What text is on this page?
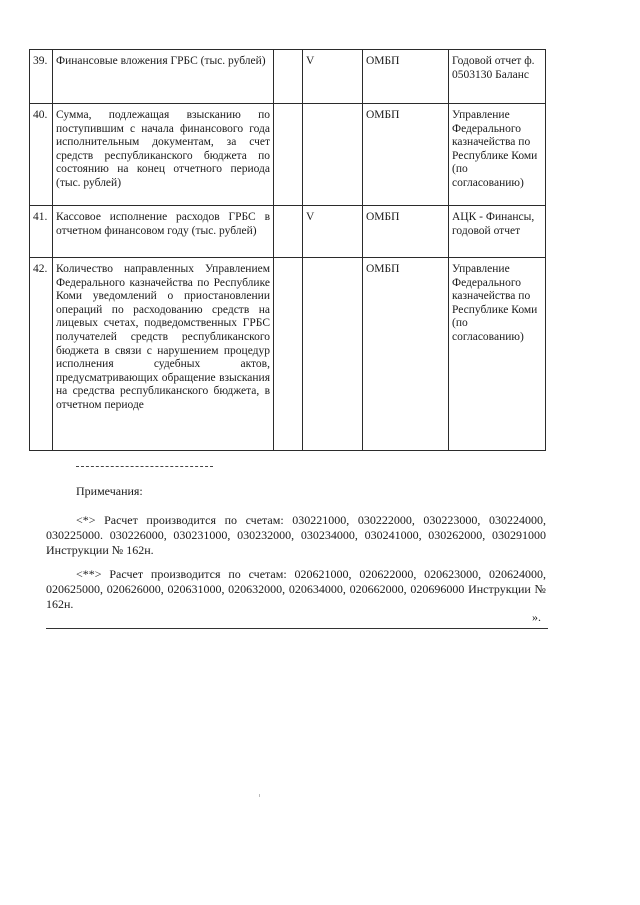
39.	Финансовые вложения ГРБС (тыс. рублей)		V	ОМБП	Годовой отчет ф. 0503130 Баланс
40.	Сумма, подлежащая взысканию по поступившим с начала финансового года исполнительным документам, за счет средств республиканского бюджета по состоянию на конец отчетного периода (тыс. рублей)			ОМБП	Управление Федерального казначейства по Республике Коми (по согласованию)
41.	Кассовое исполнение расходов ГРБС в отчетном финансовом году (тыс. рублей)		V	ОМБП	АЦК - Финансы, годовой отчет
42.	Количество направленных Управлением Федерального казначейства по Республике Коми уведомлений о приостановлении операций по расходованию средств на лицевых счетах, подведомственных ГРБС получателей средств республиканского бюджета в связи с нарушением процедур исполнения судебных актов, предусматривающих обращение взыскания на средства республиканского бюджета, в отчетном периоде			ОМБП	Управление Федерального казначейства по Республике Коми (по согласованию)
Примечания:
<*> Расчет производится по счетам: 030221000, 030222000, 030223000, 030224000, 030225000. 030226000, 030231000, 030232000, 030234000, 030241000, 030262000, 030291000 Инструкции № 162н.
<**> Расчет производится по счетам: 020621000, 020622000, 020623000, 020624000, 020625000, 020626000, 020631000, 020632000, 020634000, 020662000, 020696000 Инструкции № 162н.
».
